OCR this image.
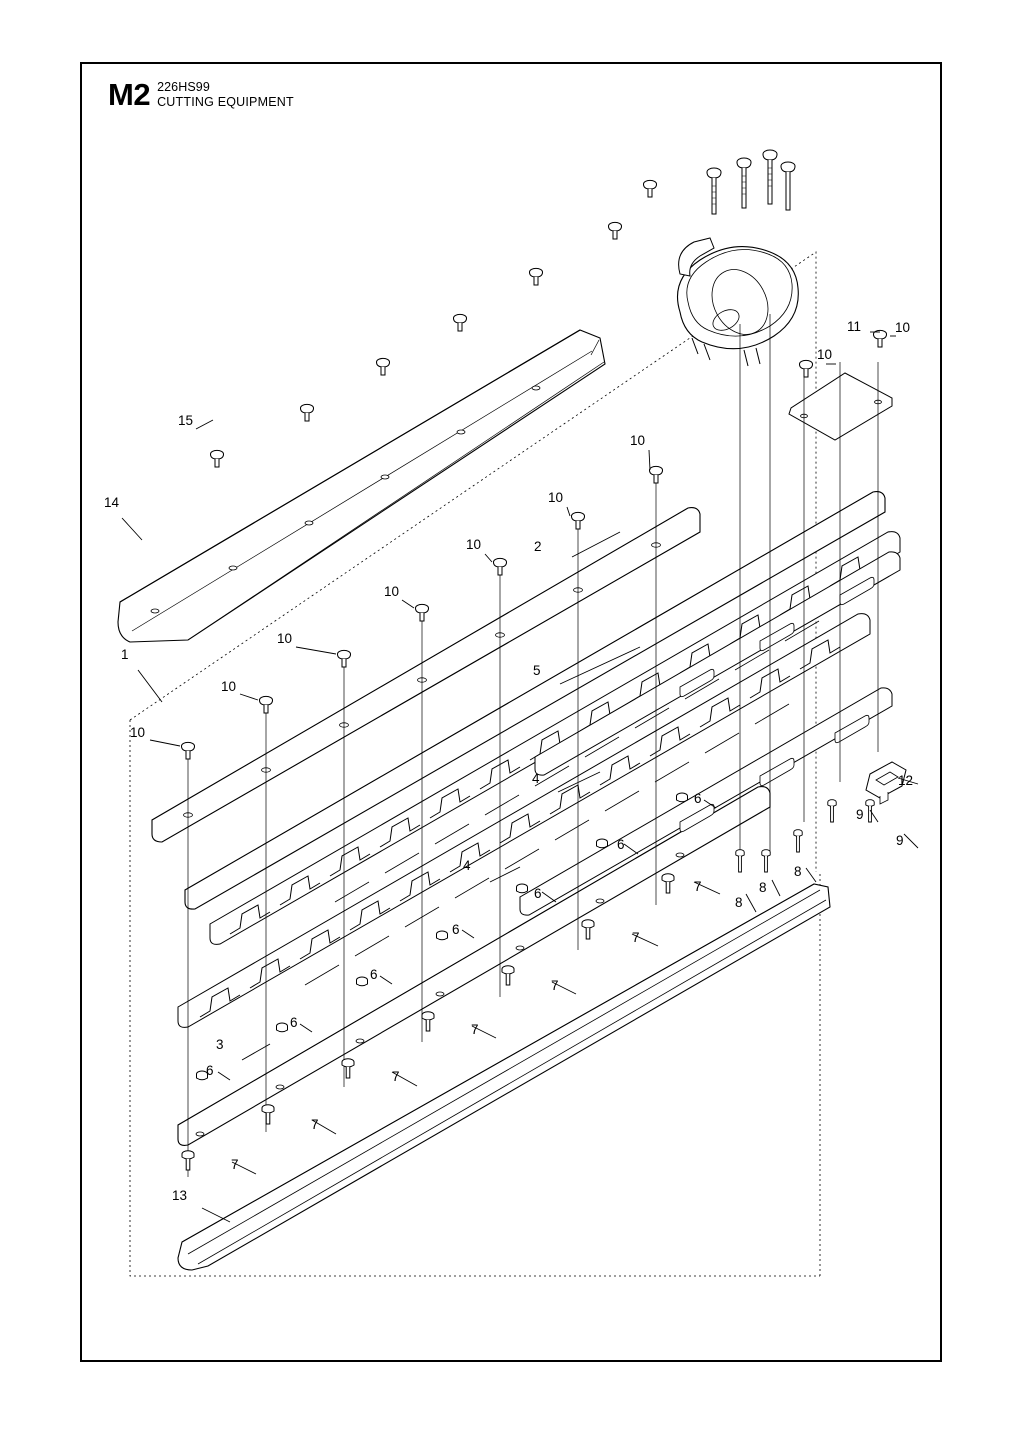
M2 226HS99
CUTTING EQUIPMENT
15
14
1
10
10
10
10
10
10
10
10
10
11
2
5
4
4
3
13
12
9
9
8
8
8
7
7
7
7
7
7
7
6
6
6
6
6
6
6
